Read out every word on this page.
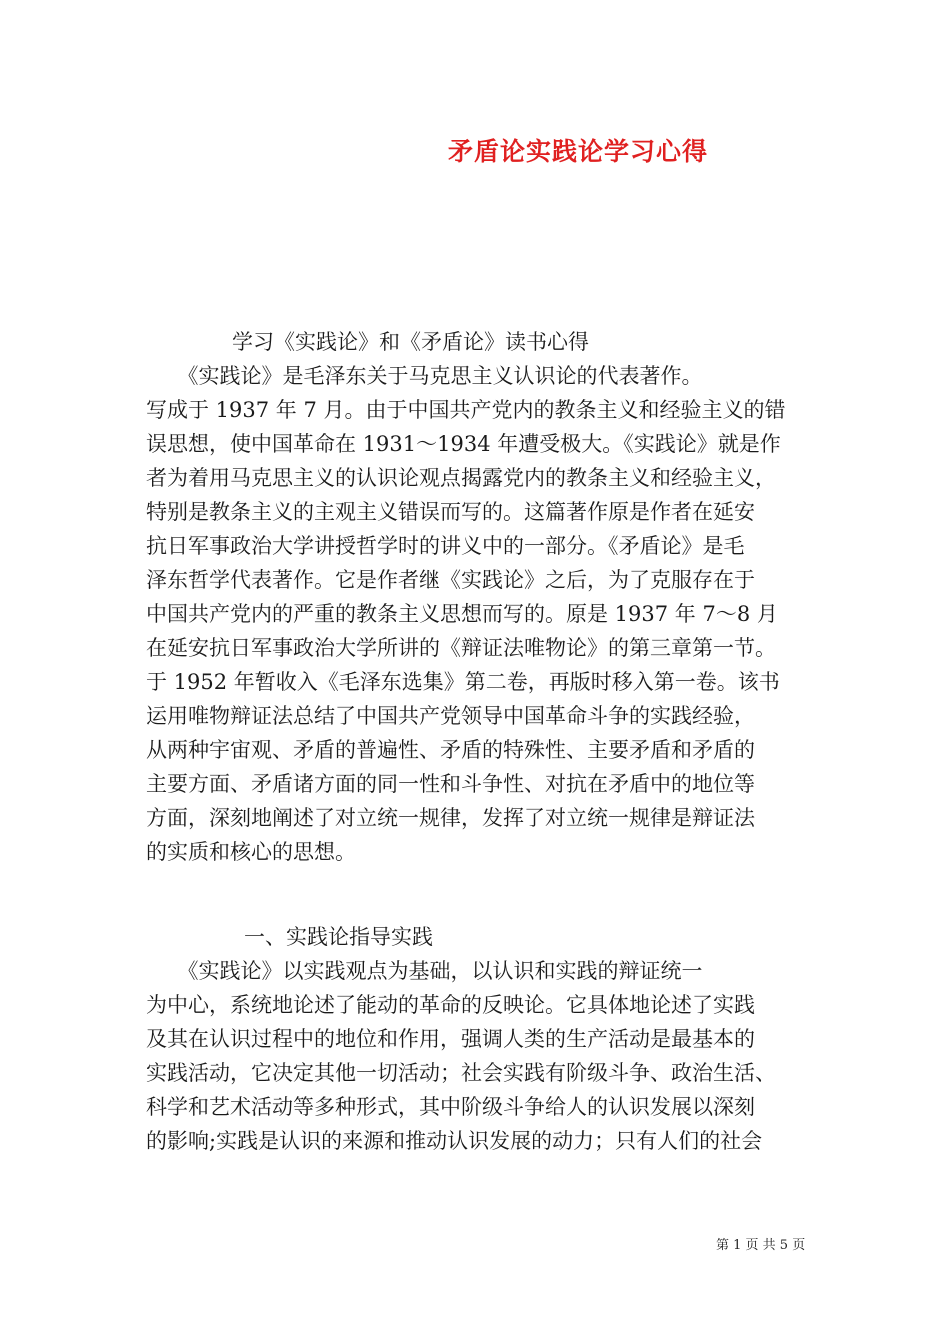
矛盾论实践论学习心得
学习《实践论》和《矛盾论》读书心得
　　《实践论》是毛泽东关于马克思主义认识论的代表著作。
写成于 1937 年 7 月。由于中国共产党内的教条主义和经验主义的错
误思想，使中国革命在 1931～1934 年遭受极大。《实践论》就是作
者为着用马克思主义的认识论观点揭露党内的教条主义和经验主义，
特别是教条主义的主观主义错误而写的。这篇著作原是作者在延安
抗日军事政治大学讲授哲学时的讲义中的一部分。《矛盾论》是毛
泽东哲学代表著作。它是作者继《实践论》之后，为了克服存在于
中国共产党内的严重的教条主义思想而写的。原是 1937 年 7～8 月
在延安抗日军事政治大学所讲的《辩证法唯物论》的第三章第一节。
于 1952 年暂收入《毛泽东选集》第二卷，再版时移入第一卷。该书
运用唯物辩证法总结了中国共产党领导中国革命斗争的实践经验，
从两种宇宙观、矛盾的普遍性、矛盾的特殊性、主要矛盾和矛盾的
主要方面、矛盾诸方面的同一性和斗争性、对抗在矛盾中的地位等
方面，深刻地阐述了对立统一规律，发挥了对立统一规律是辩证法
的实质和核心的思想。
一、实践论指导实践
　　《实践论》以实践观点为基础，以认识和实践的辩证统一
为中心，系统地论述了能动的革命的反映论。它具体地论述了实践
及其在认识过程中的地位和作用，强调人类的生产活动是最基本的
实践活动，它决定其他一切活动；社会实践有阶级斗争、政治生活、
科学和艺术活动等多种形式，其中阶级斗争给人的认识发展以深刻
的影响;实践是认识的来源和推动认识发展的动力；只有人们的社会
第 1 页 共 5 页
